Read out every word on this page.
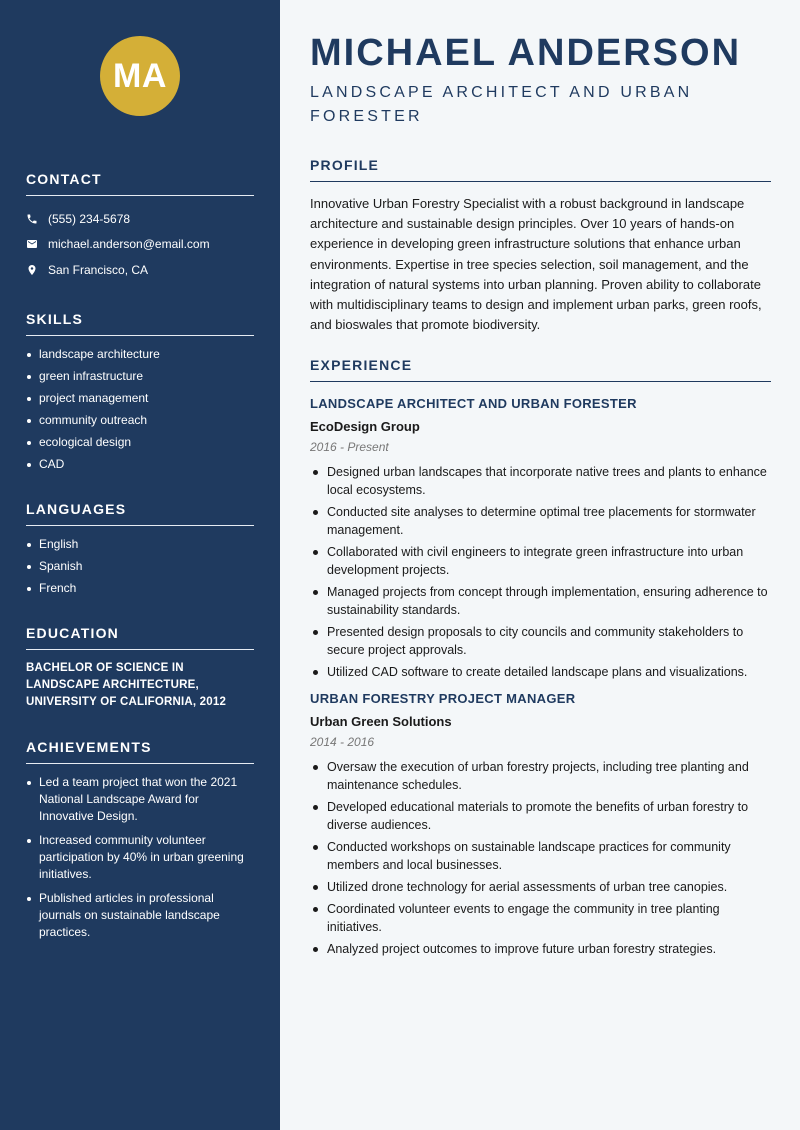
MA
CONTACT
(555) 234-5678
michael.anderson@email.com
San Francisco, CA
SKILLS
landscape architecture
green infrastructure
project management
community outreach
ecological design
CAD
LANGUAGES
English
Spanish
French
EDUCATION

BACHELOR OF SCIENCE IN LANDSCAPE ARCHITECTURE, UNIVERSITY OF CALIFORNIA, 2012

ACHIEVEMENTS
Led a team project that won the 2021 National Landscape Award for Innovative Design.
Increased community volunteer participation by 40% in urban greening initiatives.
Published articles in professional journals on sustainable landscape practices.
MICHAEL ANDERSON

LANDSCAPE ARCHITECT AND URBAN FORESTER

PROFILE

Innovative Urban Forestry Specialist with a robust background in landscape architecture and sustainable design principles. Over 10 years of hands-on experience in developing green infrastructure solutions that enhance urban environments. Expertise in tree species selection, soil management, and the integration of natural systems into urban planning. Proven ability to collaborate with multidisciplinary teams to design and implement urban parks, green roofs, and bioswales that promote biodiversity.

EXPERIENCE
LANDSCAPE ARCHITECT AND URBAN FORESTER
EcoDesign Group
2016 - Present
Designed urban landscapes that incorporate native trees and plants to enhance local ecosystems.
Conducted site analyses to determine optimal tree placements for stormwater management.
Collaborated with civil engineers to integrate green infrastructure into urban development projects.
Managed projects from concept through implementation, ensuring adherence to sustainability standards.
Presented design proposals to city councils and community stakeholders to secure project approvals.
Utilized CAD software to create detailed landscape plans and visualizations.
URBAN FORESTRY PROJECT MANAGER
Urban Green Solutions
2014 - 2016
Oversaw the execution of urban forestry projects, including tree planting and maintenance schedules.
Developed educational materials to promote the benefits of urban forestry to diverse audiences.
Conducted workshops on sustainable landscape practices for community members and local businesses.
Utilized drone technology for aerial assessments of urban tree canopies.
Coordinated volunteer events to engage the community in tree planting initiatives.
Analyzed project outcomes to improve future urban forestry strategies.
